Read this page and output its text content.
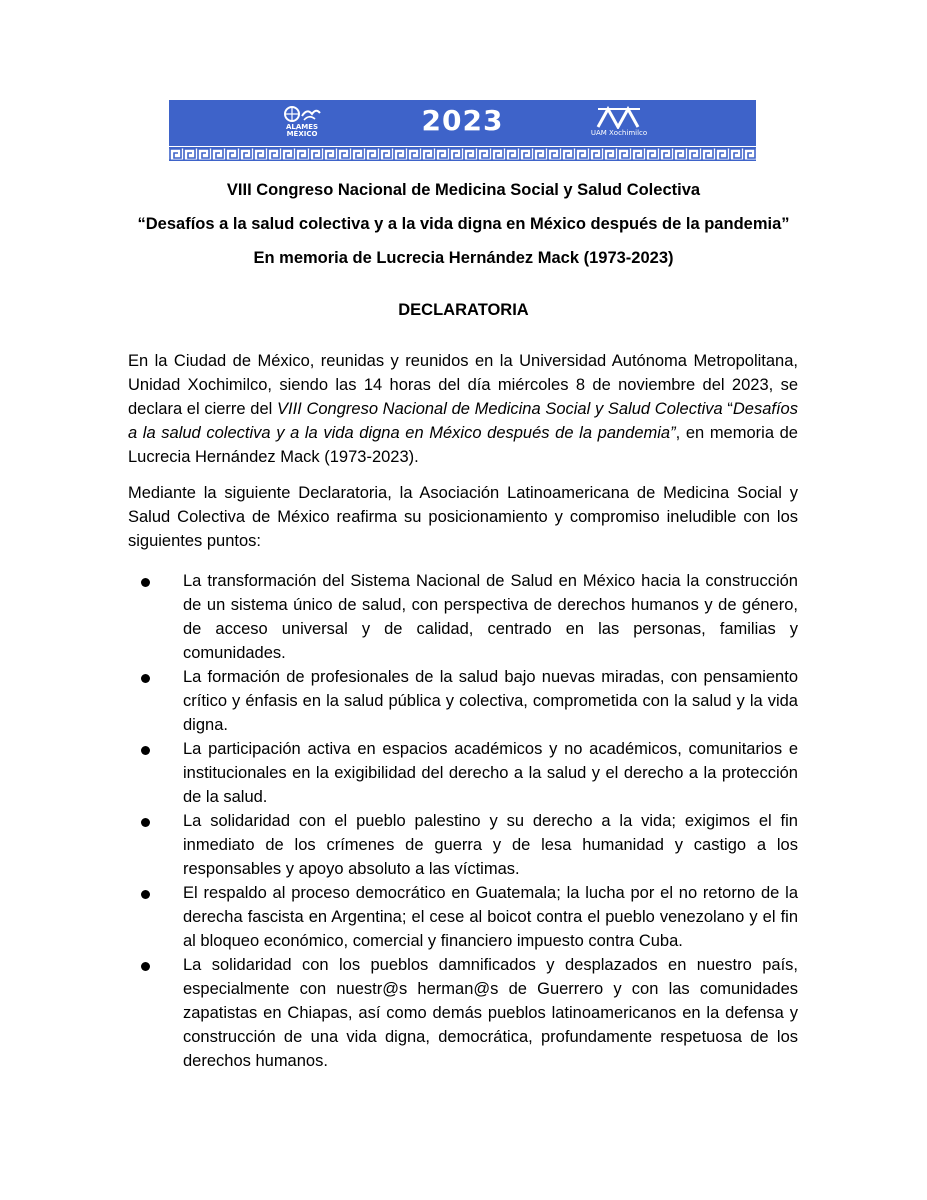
ALAMES
MÉXICO	2023	UAM Xochimilco

VIII Congreso Nacional de Medicina Social y Salud Colectiva

“Desafíos a la salud colectiva y a la vida digna en México después de la pandemia”

En memoria de Lucrecia Hernández Mack (1973-2023)

DECLARATORIA

En la Ciudad de México, reunidas y reunidos en la Universidad Autónoma Metropolitana, Unidad Xochimilco, siendo las 14 horas del día miércoles 8 de noviembre del 2023, se declara el cierre del VIII Congreso Nacional de Medicina Social y Salud Colectiva “Desafíos a la salud colectiva y a la vida digna en México después de la pandemia”, en memoria de Lucrecia Hernández Mack (1973-2023).

Mediante la siguiente Declaratoria, la Asociación Latinoamericana de Medicina Social y Salud Colectiva de México reafirma su posicionamiento y compromiso ineludible con los siguientes puntos:

La transformación del Sistema Nacional de Salud en México hacia la construcción de un sistema único de salud, con perspectiva de derechos humanos y de género, de acceso universal y de calidad, centrado en las personas, familias y comunidades.
La formación de profesionales de la salud bajo nuevas miradas, con pensamiento crítico y énfasis en la salud pública y colectiva, comprometida con la salud y la vida digna.
La participación activa en espacios académicos y no académicos, comunitarios e institucionales en la exigibilidad del derecho a la salud y el derecho a la protección de la salud.
La solidaridad con el pueblo palestino y su derecho a la vida; exigimos el fin inmediato de los crímenes de guerra y de lesa humanidad y castigo a los responsables y apoyo absoluto a las víctimas.
El respaldo al proceso democrático en Guatemala; la lucha por el no retorno de la derecha fascista en Argentina; el cese al boicot contra el pueblo venezolano y el fin al bloqueo económico, comercial y financiero impuesto contra Cuba.
La solidaridad con los pueblos damnificados y desplazados en nuestro país, especialmente con nuestr@s herman@s de Guerrero y con las comunidades zapatistas en Chiapas, así como demás pueblos latinoamericanos en la defensa y construcción de una vida digna, democrática, profundamente respetuosa de los derechos humanos.
